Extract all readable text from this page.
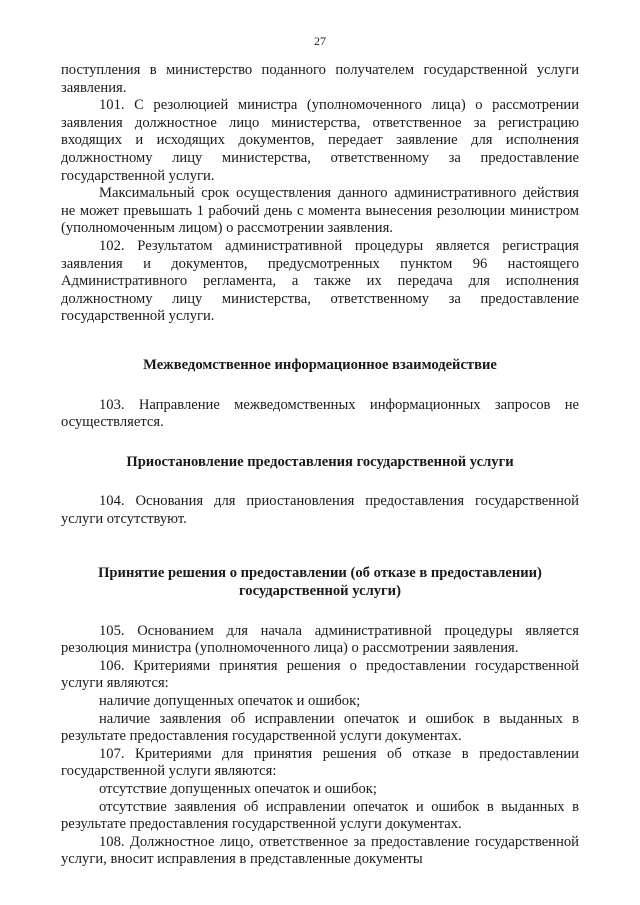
27

поступления в министерство поданного получателем государственной услуги заявления.

101. С резолюцией министра (уполномоченного лица) о рассмотрении заявления должностное лицо министерства, ответственное за регистрацию входящих и исходящих документов, передает заявление для исполнения должностному лицу министерства, ответственному за предоставление государственной услуги.

Максимальный срок осуществления данного административного действия не может превышать 1 рабочий день с момента вынесения резолюции министром (уполномоченным лицом) о рассмотрении заявления.

102. Результатом административной процедуры является регистрация заявления и документов, предусмотренных пунктом 96 настоящего Административного регламента, а также их передача для исполнения должностному лицу министерства, ответственному за предоставление государственной услуги.

Межведомственное информационное взаимодействие

103. Направление межведомственных информационных запросов не осуществляется.

Приостановление предоставления государственной услуги

104. Основания для приостановления предоставления государственной услуги отсутствуют.

Принятие решения о предоставлении (об отказе в предоставлении)

государственной услуги)

105. Основанием для начала административной процедуры является резолюция министра (уполномоченного лица) о рассмотрении заявления.

106. Критериями принятия решения о предоставлении государственной услуги являются:

наличие допущенных опечаток и ошибок;

наличие заявления об исправлении опечаток и ошибок в выданных в результате предоставления государственной услуги документах.

107. Критериями для принятия решения об отказе в предоставлении государственной услуги являются:

отсутствие допущенных опечаток и ошибок;

отсутствие заявления об исправлении опечаток и ошибок в выданных в результате предоставления государственной услуги документах.

108. Должностное лицо, ответственное за предоставление государственной услуги, вносит исправления в представленные документы
